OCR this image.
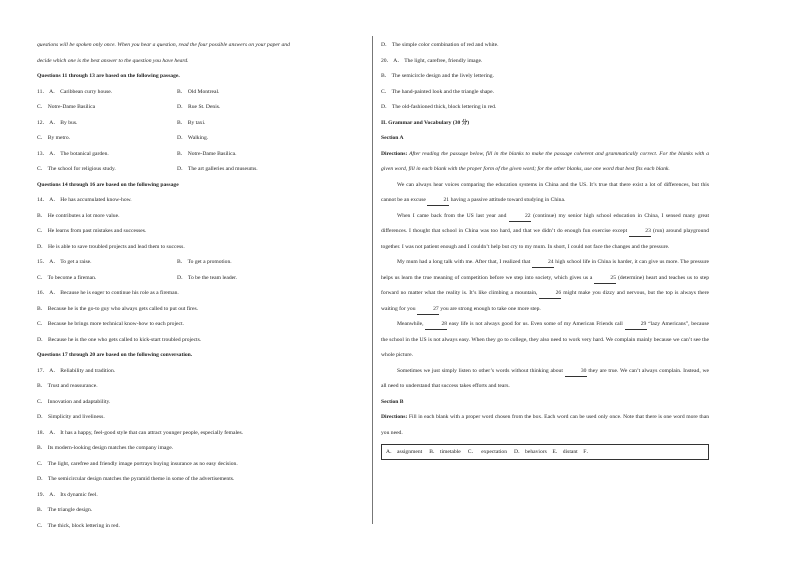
questions will be spoken only once. When you hear a question, read the four possible answers on your paper and
decide which one is the best answer to the question you have heard.
Questions 11 through 13 are based on the following passage.
11． A． Caribbean curry house.	B． Old Montreal.
C． Notre-Dame Basilica	D． Rue St. Denis.
12． A． By bus.	B． By taxi.
C． By metro.	D． Walking.
13． A． The botanical garden.	B． Notre-Dame Basilica.
C． The school for religious study.	D． The art galleries and museums.
Questions 14 through 16 are based on the following passage
14． A． He has accumulated know-how.
B． He contributes a lot more value.
C． He learns from past mistakes and successes.
D． He is able to save troubled projects and lead them to success.
15． A． To get a raise.	B． To get a promotion.
C． To become a fireman.	D． To be the team leader.
16． A． Because he is eager to continue his role as a fireman.
B． Because he is the go-to guy who always gets called to put out fires.
C． Because he brings more technical know-how to each project.
D． Because he is the one who gets called to kick-start troubled projects.
Questions 17 through 20 are based on the following conversation.
17． A． Reliability and tradition.
B． Trust and reassurance.
C． Innovation and adaptability.
D． Simplicity and liveliness.
18． A． It has a happy, feel-good style that can attract younger people, especially females.
B． Its modern-looking design matches the company image.
C． The light, carefree and friendly image portrays buying insurance as no easy decision.
D． The semicircular design matches the pyramid theme in some of the advertisements.
19． A． Its dynamic feel.
B． The triangle design.
C． The thick, block lettering in red.
D． The simple color combination of red and white.
20． A． The light, carefree, friendly image.
B． The semicircle design and the lively lettering.
C． The hand-painted look and the triangle shape.
D． The old-fashioned thick, block lettering in red.
II. Grammar and Vocabulary (30 分)
Section A
Directions: After reading the passage below, fill in the blanks to make the passage coherent and grammatically correct. For the blanks with a given word, fill in each blank with the proper form of the given word; for the other blanks, use one word that best fits each blank.
We can always hear voices comparing the education systems in China and the US. It’s true that there exist a lot of differences, but this cannot be an excuse	21 having a passive attitude toward studying in China.
When I came back from the US last year and	22 (continue) my senior high school education in China, I sensed many great differences. I thought that school in China was too hard, and that we didn’t do enough fun exercise except	23 (run) around playground together. I was not patient enough and I couldn’t help but cry to my mum. In short, I could not face the changes and the pressure.
My mum had a long talk with me. After that, I realized that	24 high school life in China is harder, it can give us more. The pressure helps us learn the true meaning of competition before we step into society, which gives us a	25 (determine) heart and teaches us to step forward no matter what the reality is. It’s like climbing a mountain,	26 might make you dizzy and nervous, but the top is always there waiting for you	27 you are strong enough to take one more step.
Meanwhile,	28 easy life is not always good for us. Even some of my American Friends call	29 “lazy Americans”, because the school in the US is not always easy. When they go to college, they also need to work very hard. We complain mainly because we can’t see the whole picture.
Sometimes we just simply listen to other’s words without thinking about	30 they are true. We can’t always complain. Instead, we all need to understand that success takes efforts and tears.
Section B
Directions: Fill in each blank with a proper word chosen from the box. Each word can be used only once. Note that there is one word more than you need.
A． assignment　 B． timetable　 C．　 expectation　 D． behaviors　E． distant　F．
